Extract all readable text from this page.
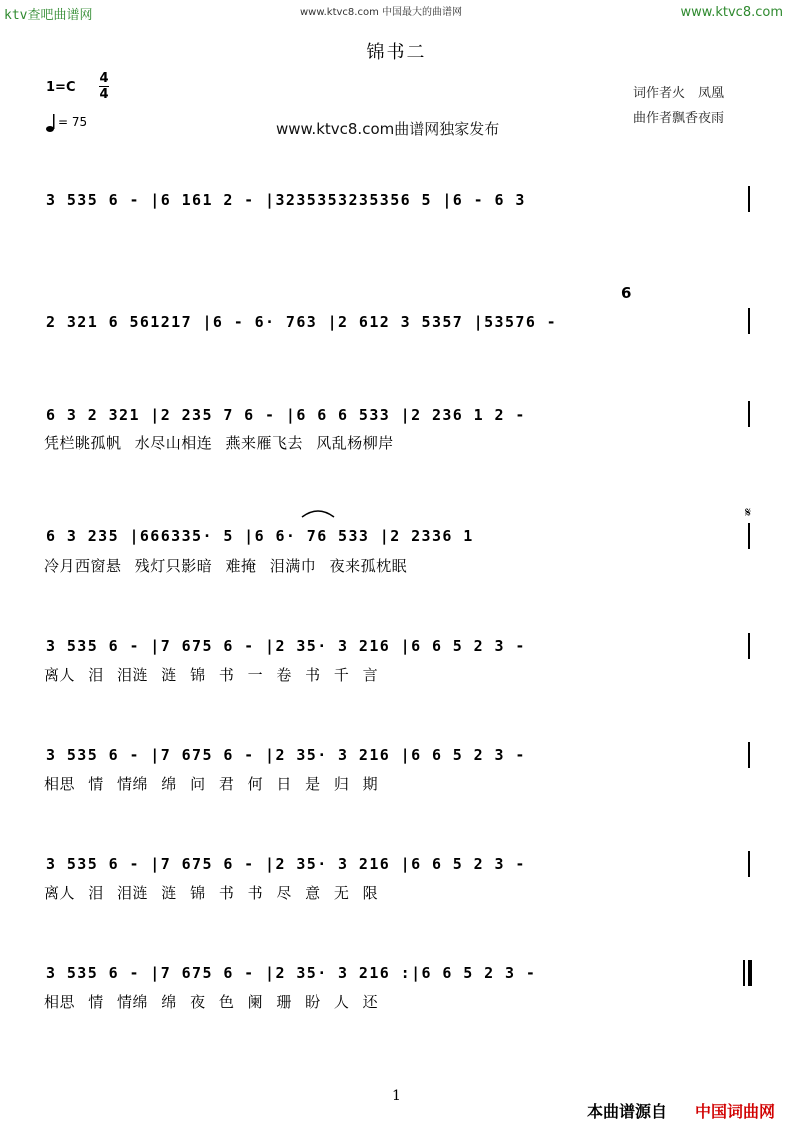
ktv查吧曲谱网	www.ktvc8.com 中国最大的曲谱网	www.ktvc8.com
锦书二
1=C
4
4
= 75
词作者火　凤凰
曲作者飘香夜雨
www.ktvc8.com曲谱网独家发布
3 535 6 - |6 161 2 - |3235353235356 5 |6 - 6 3
6
2 321 6 561217 |6 - 6· 763 |2 612 3 5357 |53576 -
6 3 2 321 |2 235 7 6 - |6 6 6 533 |2 236 1 2 -
凭栏眺孤帆 水尽山相连 燕来雁飞去 风乱杨柳岸
𝄋
6 3 235 |666335· 5 |6 6· 76 533 |2 2336 1
冷月西窗悬 残灯只影暗 难掩 泪满巾 夜来孤枕眠
3 535 6 - |7 675 6 - |2 35· 3 216 |6 6 5 2 3 -
离人 泪 泪涟 涟 锦 书 一 卷 书 千 言
3 535 6 - |7 675 6 - |2 35· 3 216 |6 6 5 2 3 -
相思 情 情绵 绵 问 君 何 日 是 归 期
3 535 6 - |7 675 6 - |2 35· 3 216 |6 6 5 2 3 -
离人 泪 泪涟 涟 锦 书 书 尽 意 无 限
3 535 6 - |7 675 6 - |2 35· 3 216 :|6 6 5 2 3 -
相思 情 情绵 绵 夜 色 阑 珊 盼 人 还
1
本曲谱源自 中国词曲网
